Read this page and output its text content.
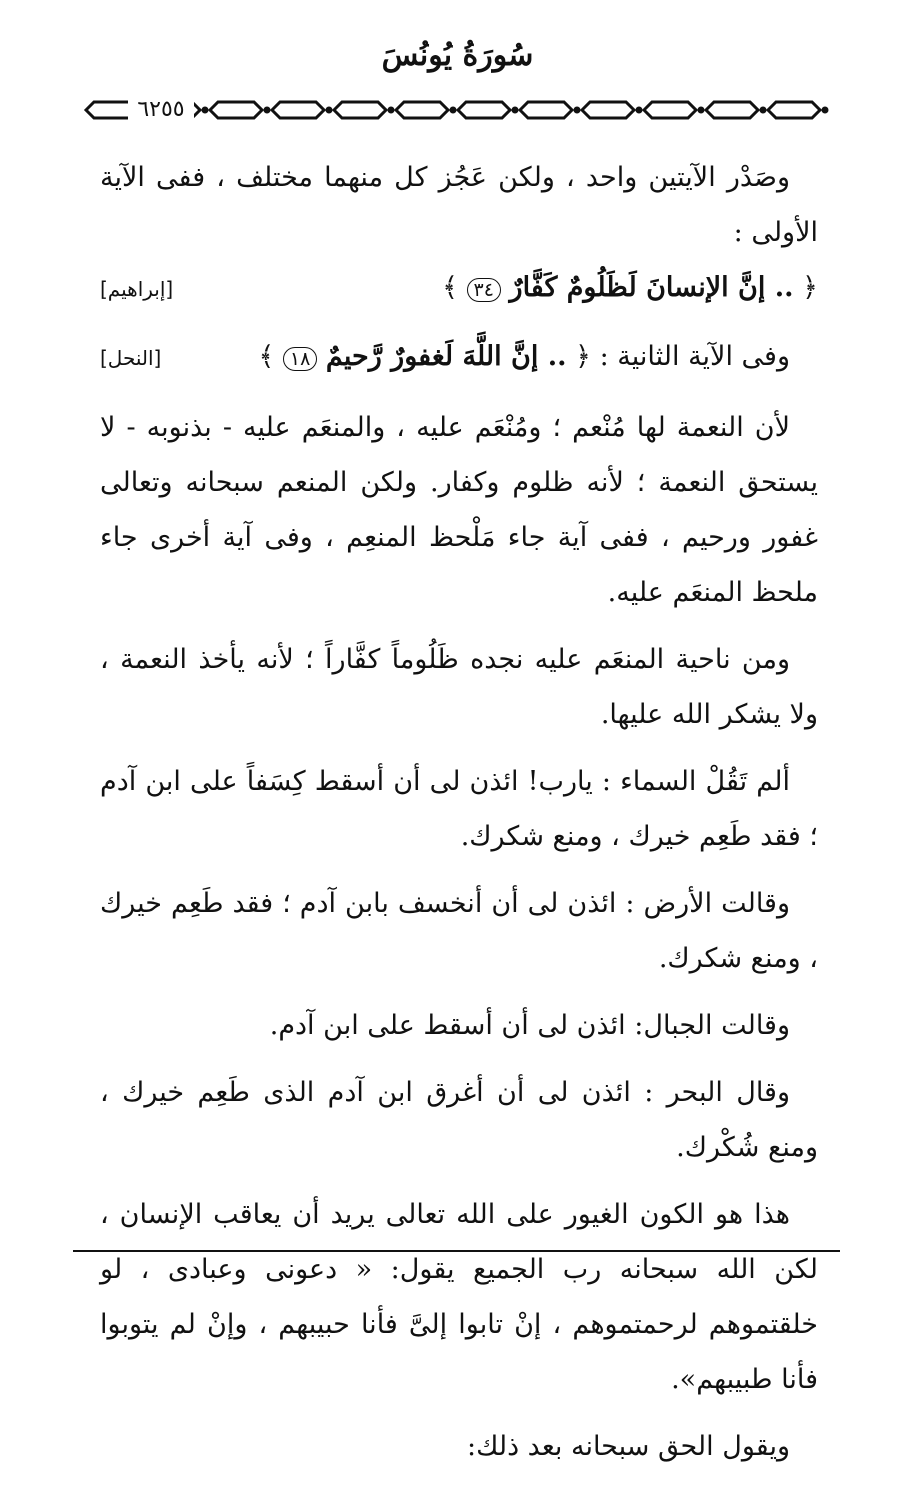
سُورَةُ يُونُسَ
٦٢٥٥

وصَدْر الآيتين واحد ، ولكن عَجُز كل منهما مختلف ، ففى الآية الأولى :

﴿ .. إنَّ الإنسانَ لَظَلُومٌ كَفَّارٌ ٣٤ ﴾
[إبراهيم]
وفى الآية الثانية : ﴿ .. إنَّ اللَّهَ لَغفورٌ رَّحيمٌ ١٨ ﴾
[النحل]

لأن النعمة لها مُنْعم ؛ ومُنْعَم عليه ، والمنعَم عليه - بذنوبه - لا يستحق النعمة ؛ لأنه ظلوم وكفار. ولكن المنعم سبحانه وتعالى غفور ورحيم ، ففى آية جاء مَلْحظ المنعِم ، وفى آية أخرى جاء ملحظ المنعَم عليه.

ومن ناحية المنعَم عليه نجده ظَلُوماً كفَّاراً ؛ لأنه يأخذ النعمة ، ولا يشكر الله عليها.

ألم تَقُلْ السماء : يارب! ائذن لى أن أسقط كِسَفاً على ابن آدم ؛ فقد طَعِم خيرك ، ومنع شكرك.

وقالت الأرض : ائذن لى أن أنخسف بابن آدم ؛ فقد طَعِم خيرك ، ومنع شكرك.

وقالت الجبال: ائذن لى أن أسقط على ابن آدم.

وقال البحر : ائذن لى أن أغرق ابن آدم الذى طَعِم خيرك ، ومنع شُكْرك.

هذا هو الكون الغيور على الله تعالى يريد أن يعاقب الإنسان ، لكن الله سبحانه رب الجميع يقول: « دعونى وعبادى ، لو خلقتموهم لرحمتموهم ، إنْ تابوا إلىَّ فأنا حبيبهم ، وإنْ لم يتوبوا فأنا طبيبهم».

ويقول الحق سبحانه بعد ذلك:
